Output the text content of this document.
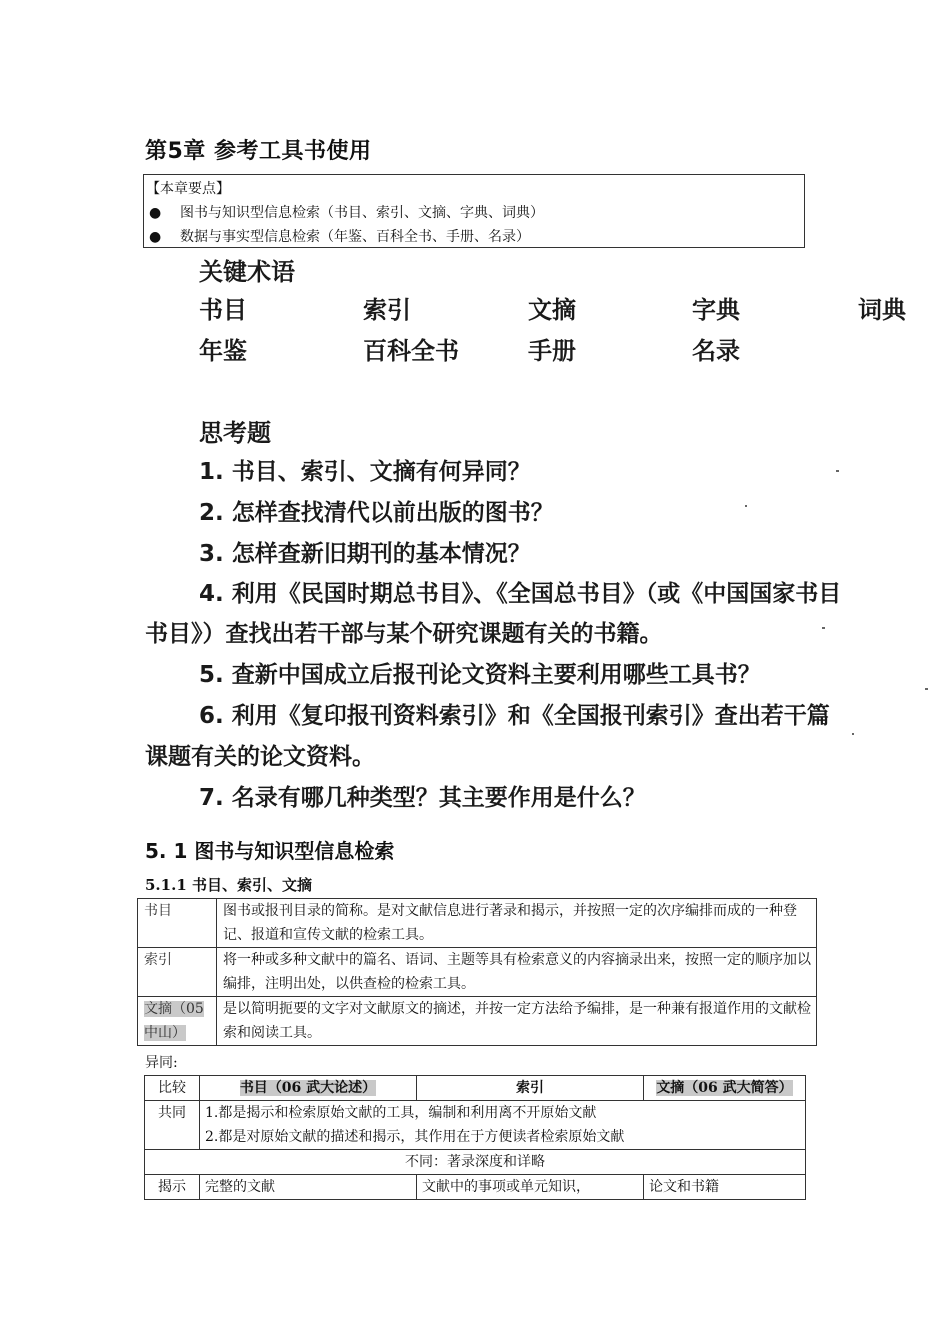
第5章 参考工具书使用
【本章要点】
● 图书与知识型信息检索（书目、索引、文摘、字典、词典）
● 数据与事实型信息检索（年鉴、百科全书、手册、名录）
关键术语
书目	索引	文摘	字典	词典
年鉴	百科全书	手册	名录
思考题
1. 书目、索引、文摘有何异同？
2. 怎样查找清代以前出版的图书？
3. 怎样查新旧期刊的基本情况？
4. 利用《民国时期总书目》、《全国总书目》（或《中国国家书目
书目》）查找出若干部与某个研究课题有关的书籍。
5. 查新中国成立后报刊论文资料主要利用哪些工具书？
6. 利用《复印报刊资料索引》和《全国报刊索引》查出若干篇
课题有关的论文资料。
7. 名录有哪几种类型？其主要作用是什么？
5. 1 图书与知识型信息检索
5.1.1 书目、索引、文摘
书目	图书或报刊目录的简称。是对文献信息进行著录和揭示，并按照一定的次序编排而成的一种登记、报道和宣传文献的检索工具。
索引	将一种或多种文献中的篇名、语词、主题等具有检索意义的内容摘录出来，按照一定的顺序加以编排，注明出处，以供查检的检索工具。
文摘（05中山）	是以简明扼要的文字对文献原文的摘述，并按一定方法给予编排，是一种兼有报道作用的文献检索和阅读工具。
异同:
比较	书目（06 武大论述）	索引	文摘（06 武大简答）
共同	1.都是揭示和检索原始文献的工具，编制和利用离不开原始文献
2.都是对原始文献的描述和揭示，其作用在于方便读者检索原始文献		

不同：著录深度和详略			
揭示	完整的文献	文献中的事项或单元知识，	论文和书籍
